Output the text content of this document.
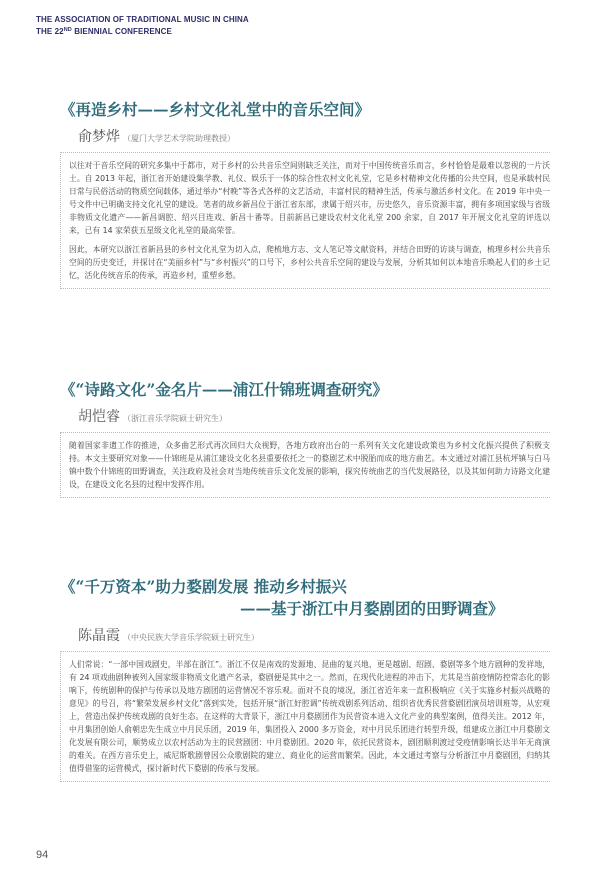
THE ASSOCIATION OF TRADITIONAL MUSIC IN CHINA
THE 22ND BIENNIAL CONFERENCE
《再造乡村——乡村文化礼堂中的音乐空间》
俞梦烨 （厦门大学艺术学院助理教授）

以往对于音乐空间的研究多集中于都市，对于乡村的公共音乐空间则缺乏关注，而对于中国传统音乐而言，乡村恰恰是最难以忽视的一片沃土。自 2013 年起，浙江省开始建设集学教、礼仪、娱乐于一体的综合性农村文化礼堂，它是乡村精神文化传播的公共空间，也是承载村民日常与民俗活动的物质空间载体，通过举办“村晚”等各式各样的文艺活动，丰富村民的精神生活，传承与激活乡村文化。在 2019 年中央一号文件中已明确支持文化礼堂的建设。笔者的故乡新昌位于浙江省东部，隶属于绍兴市，历史悠久，音乐资源丰富，拥有多项国家级与省级非物质文化遗产——新昌调腔、绍兴目连戏、新昌十番等。目前新昌已建设农村文化礼堂 200 余家，自 2017 年开展文化礼堂的评选以来，已有 14 家荣获五星级文化礼堂的最高荣誉。

因此，本研究以浙江省新昌县的乡村文化礼堂为切入点，爬梳地方志、文人笔记等文献资料，并结合田野的访谈与调查，梳理乡村公共音乐空间的历史变迁，并探讨在“美丽乡村”与“乡村振兴”的口号下，乡村公共音乐空间的建设与发展，分析其如何以本地音乐唤起人们的乡土记忆，活化传统音乐的传承，再造乡村，重塑乡愁。

《“诗路文化”金名片——浦江什锦班调查研究》
胡恺睿 （浙江音乐学院硕士研究生）

随着国家非遗工作的推进，众多曲艺形式再次回归大众视野，各地方政府出台的一系列有关文化建设政策也为乡村文化振兴提供了积极支持。本文主要研究对象——什锦班是从浦江建设文化名县重要依托之一的婺剧艺术中脱胎而成的地方曲艺。本文通过对浦江县杭坪镇与白马镇中数个什锦班的田野调查，关注政府及社会对当地传统音乐文化发展的影响，探究传统曲艺的当代发展路径，以及其如何助力诗路文化建设，在建设文化名县的过程中发挥作用。

《“千万资本”助力婺剧发展 推动乡村振兴
——基于浙江中月婺剧团的田野调查》
陈晶霞 （中央民族大学音乐学院硕士研究生）

人们常说：“一部中国戏剧史，半部在浙江”。浙江不仅是南戏的发源地、昆曲的复兴地，更是越剧、绍剧、婺剧等多个地方剧种的发祥地，有 24 项戏曲剧种被列入国家级非物质文化遗产名录，婺剧便是其中之一。然而，在现代化进程的冲击下，尤其是当前疫情防控常态化的影响下，传统剧种的保护与传承以及地方剧团的运营情况不容乐观。面对不良的境况，浙江省近年来一直积极响应《关于实施乡村振兴战略的意见》的号召，将“繁荣发展乡村文化”落到实处，包括开展“浙江好腔调”传统戏剧系列活动、组织省优秀民营婺剧团演员培训班等，从宏观上，营造出保护传统戏剧的良好生态。在这样的大背景下，浙江中月婺剧团作为民营资本进入文化产业的典型案例，值得关注。2012 年，中月集团创始人俞朝忠先生成立中月民乐团，2019 年，集团投入 2000 多万资金，对中月民乐团进行转型升级，组建成立浙江中月婺剧文化发展有限公司，顺势成立以农村活动为主的民营剧团：中月婺剧团。2020 年，依托民营资本，剧团顺利渡过受疫情影响长达半年无商演的难关。在西方音乐史上，威尼斯歌剧曾因公众歌剧院的建立、商业化的运营而繁荣。因此，本文通过考察与分析浙江中月婺剧团，归纳其值得借鉴的运营模式，探讨新时代下婺剧的传承与发展。

94
